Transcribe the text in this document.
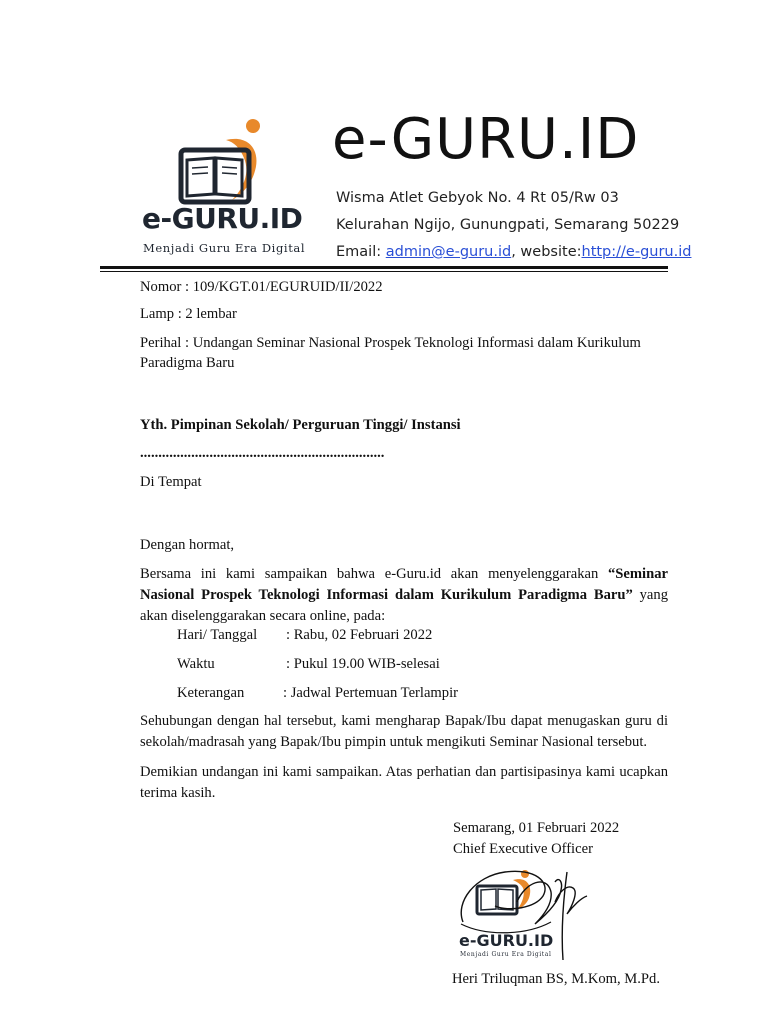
e-GURU.ID
Menjadi Guru Era Digital
e-GURU.ID
Wisma Atlet Gebyok No. 4 Rt 05/Rw 03
Kelurahan Ngijo, Gunungpati, Semarang 50229
Email: admin@e-guru.id, website:http://e-guru.id
Nomor : 109/KGT.01/EGURUID/II/2022
Lamp : 2 lembar
Perihal : Undangan Seminar Nasional Prospek Teknologi Informasi dalam Kurikulum
Paradigma Baru
Yth. Pimpinan Sekolah/ Perguruan Tinggi/ Instansi
...................................................................
Di Tempat
Dengan hormat,
Bersama ini kami sampaikan bahwa e-Guru.id akan menyelenggarakan “Seminar Nasional Prospek Teknologi Informasi dalam Kurikulum Paradigma Baru” yang akan diselenggarakan secara online, pada:
Hari/ Tanggal : Rabu, 02 Februari 2022
Waktu	: Pukul 19.00 WIB-selesai
Keterangan	: Jadwal Pertemuan Terlampir
Sehubungan dengan hal tersebut, kami mengharap Bapak/Ibu dapat menugaskan guru di sekolah/madrasah yang Bapak/Ibu pimpin untuk mengikuti Seminar Nasional tersebut.
Demikian undangan ini kami sampaikan. Atas perhatian dan partisipasinya kami ucapkan terima kasih.
Semarang, 01 Februari 2022
Chief Executive Officer
e-GURU.ID
Menjadi Guru Era Digital
Heri Triluqman BS, M.Kom, M.Pd.
